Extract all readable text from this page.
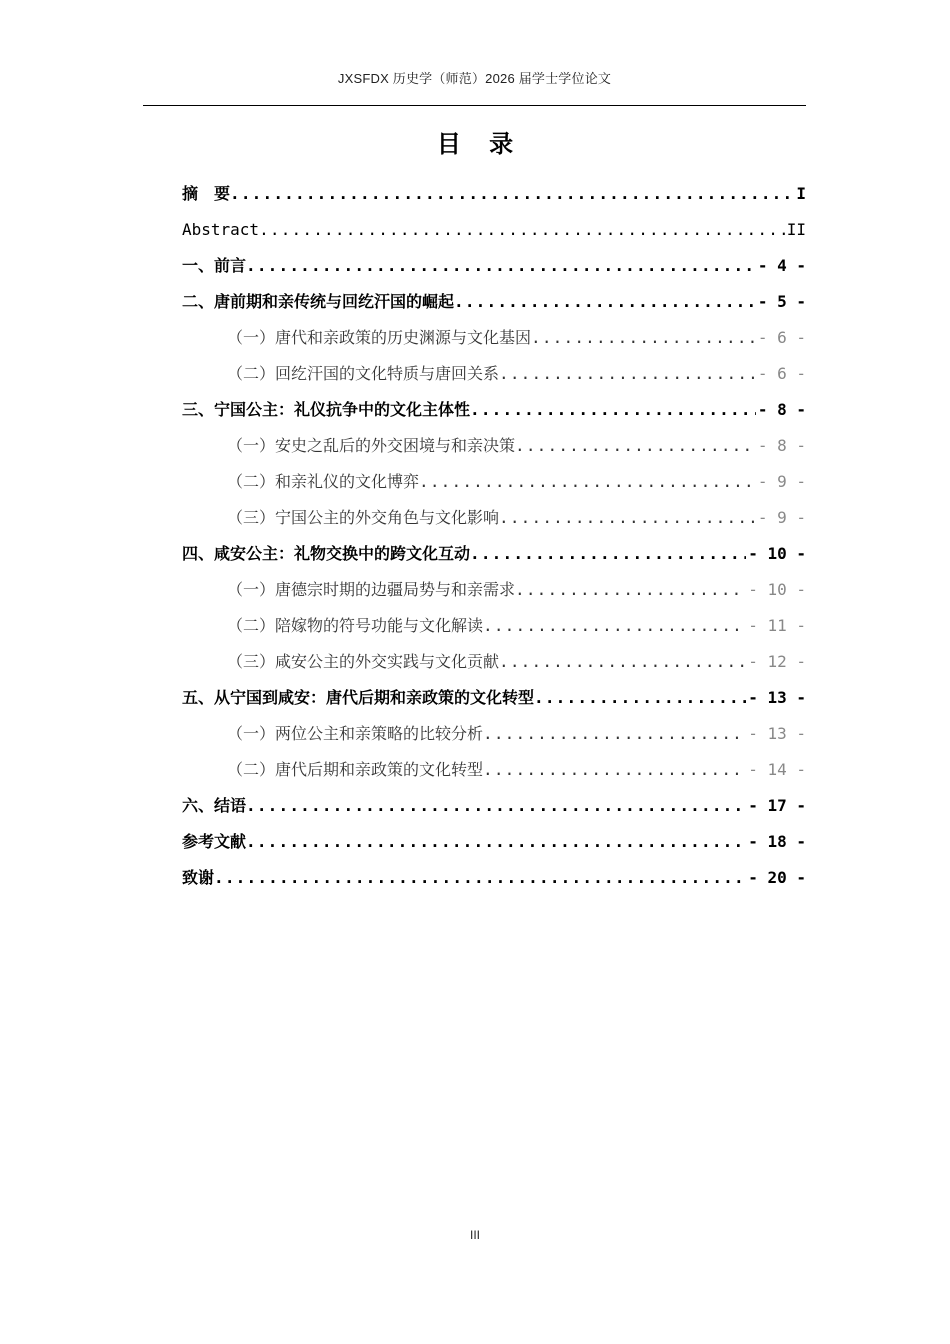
JXSFDX 历史学（师范）2026 届学士学位论文
目 录
摘　要 .....	I
Abstract .....	II
一、前言 .....	- 4 -
二、唐前期和亲传统与回纥汗国的崛起 .....	- 5 -
（一）唐代和亲政策的历史渊源与文化基因 .....	- 6 -
（二）回纥汗国的文化特质与唐回关系 .....	- 6 -
三、宁国公主：礼仪抗争中的文化主体性 .....	- 8 -
（一）安史之乱后的外交困境与和亲决策 .....	- 8 -
（二）和亲礼仪的文化博弈 .....	- 9 -
（三）宁国公主的外交角色与文化影响 .....	- 9 -
四、咸安公主：礼物交换中的跨文化互动 .....	- 10 -
（一）唐德宗时期的边疆局势与和亲需求 .....	- 10 -
（二）陪嫁物的符号功能与文化解读 .....	- 11 -
（三）咸安公主的外交实践与文化贡献 .....	- 12 -
五、从宁国到咸安：唐代后期和亲政策的文化转型 .....	- 13 -
（一）两位公主和亲策略的比较分析 .....	- 13 -
（二）唐代后期和亲政策的文化转型 .....	- 14 -
六、结语 .....	- 17 -
参考文献 .....	- 18 -
致谢 .....	- 20 -
III
